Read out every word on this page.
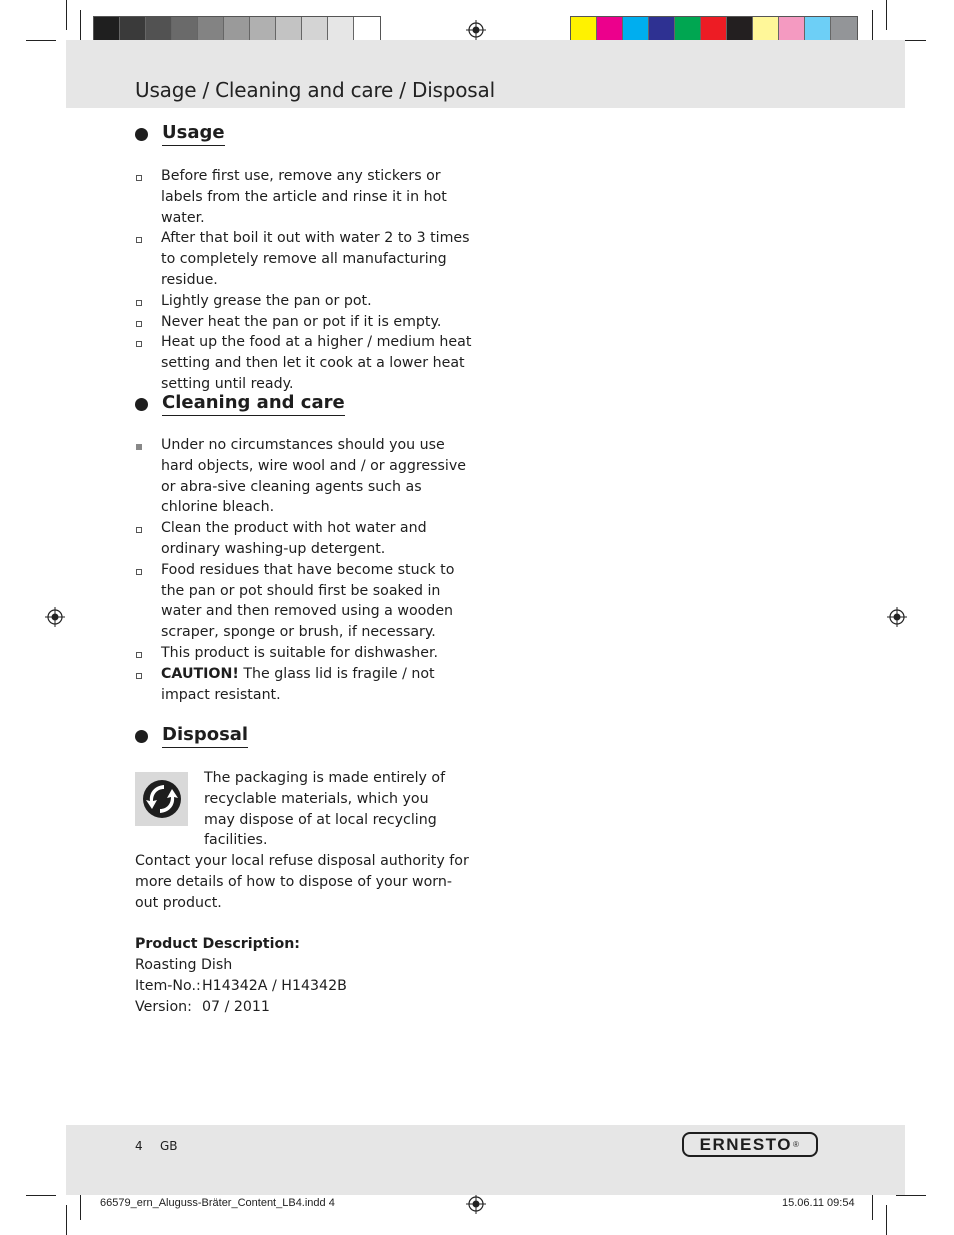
Usage / Cleaning and care / Disposal
Usage
Before first use, remove any stickers or labels from the article and rinse it in hot water.
After that boil it out with water 2 to 3 times to completely remove all manufacturing residue.
Lightly grease the pan or pot.
Never heat the pan or pot if it is empty.
Heat up the food at a higher / medium heat setting and then let it cook at a lower heat setting until ready.
Cleaning and care
Under no circumstances should you use hard objects, wire wool and / or aggressive or abra-sive cleaning agents such as chlorine bleach.
Clean the product with hot water and ordinary washing-up detergent.
Food residues that have become stuck to the pan or pot should first be soaked in water and then removed using a wooden scraper, sponge or brush, if necessary.
This product is suitable for dishwasher.
CAUTION! The glass lid is fragile / not impact resistant.
Disposal
The packaging is made entirely of recyclable materials, which you may dispose of at local recycling facilities.
Contact your local refuse disposal authority for more details of how to dispose of your worn-out product.
Product Description:
Roasting Dish
Item-No.: H14342A / H14342B
Version: 07 / 2011
4 GB	ERNESTO ®
66579_ern_Aluguss-Bräter_Content_LB4.indd 4	15.06.11 09:54
